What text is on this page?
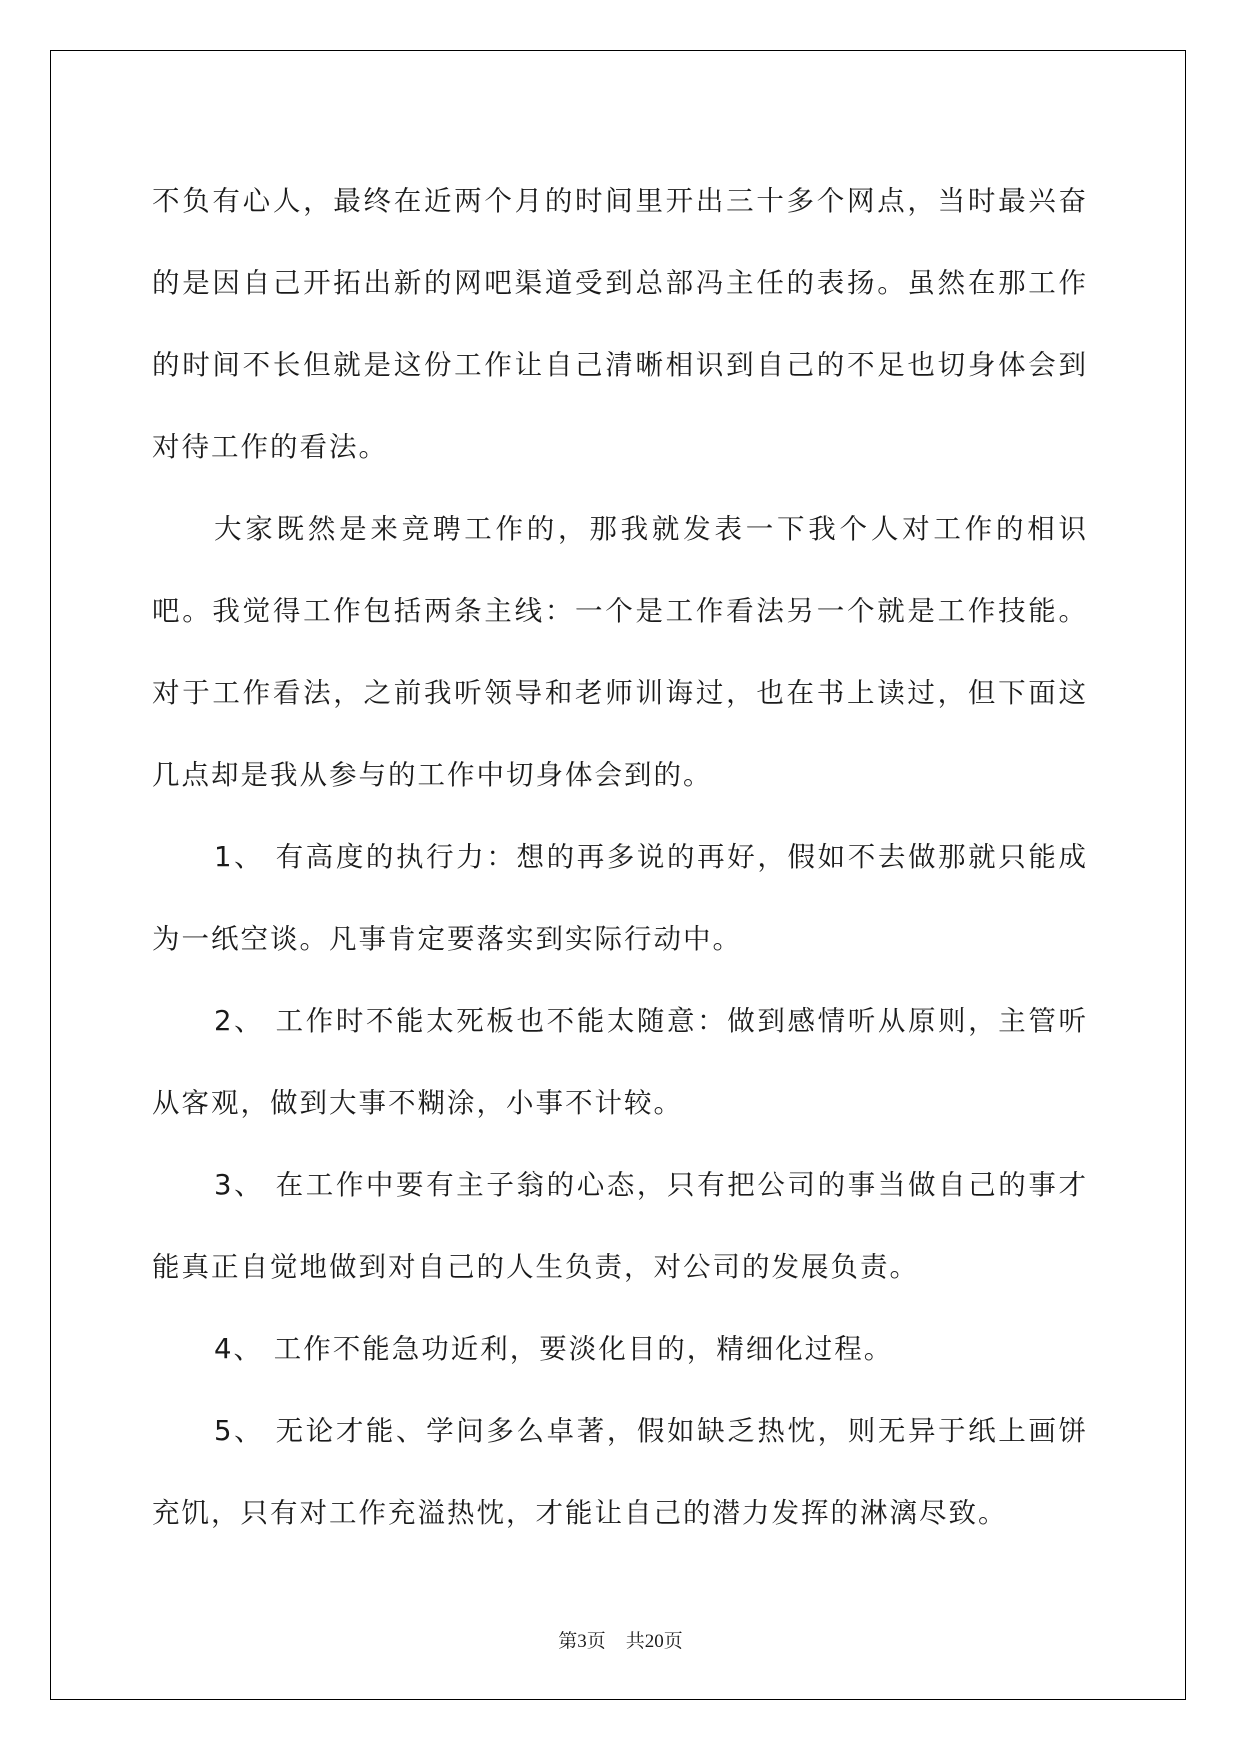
不负有心人，最终在近两个月的时间里开出三十多个网点，当时最兴奋的是因自己开拓出新的网吧渠道受到总部冯主任的表扬。虽然在那工作的时间不长但就是这份工作让自己清晰相识到自己的不足也切身体会到对待工作的看法。

大家既然是来竞聘工作的，那我就发表一下我个人对工作的相识吧。我觉得工作包括两条主线：一个是工作看法另一个就是工作技能。对于工作看法，之前我听领导和老师训诲过，也在书上读过，但下面这几点却是我从参与的工作中切身体会到的。

1、 有高度的执行力：想的再多说的再好，假如不去做那就只能成为一纸空谈。凡事肯定要落实到实际行动中。

2、 工作时不能太死板也不能太随意：做到感情听从原则，主管听从客观，做到大事不糊涂，小事不计较。

3、 在工作中要有主子翁的心态，只有把公司的事当做自己的事才能真正自觉地做到对自己的人生负责，对公司的发展负责。

4、 工作不能急功近利，要淡化目的，精细化过程。

5、 无论才能、学问多么卓著，假如缺乏热忱，则无异于纸上画饼充饥，只有对工作充溢热忱，才能让自己的潜力发挥的淋漓尽致。

第3页 共20页
